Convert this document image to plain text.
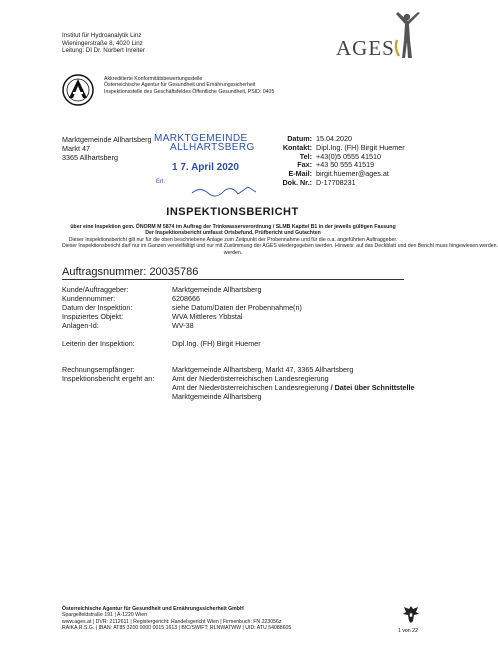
Institut für Hydroanalytik Linz
Wieningerstraße 8, 4020 Linz
Leitung: DI Dr. Norbert Inreiter	AGES
Akkreditierte Konformitätsbewertungsstelle
Österreichische Agentur für Gesundheit und Ernährungssicherheit
Inspektionsstelle des Geschäftsfeldes Öffentliche Gesundheit, PSID: 0405
Marktgemeinde Allhartsberg
Markt 47
3365 Allhartsberg
MARKTGEMEINDE
ALLHARTSBERG
1 7. April 2020
Erl.
Datum: 15.04.2020
Kontakt: Dipl.Ing. (FH) Birgit Huemer
Tel: +43(0)5 0555 41510
Fax: +43 50 555 41519
E-Mail: birgit.huemer@ages.at
Dok. Nr.: D-17708231
INSPEKTIONSBERICHT
über eine Inspektion gem. ÖNORM M 5874 im Auftrag der Trinkwasserverordnung / SLMB Kapitel B1 in der jeweils gültigen Fassung
Der Inspektionsbericht umfasst Ortsbefund, Prüfbericht und Gutachten
Dieser Inspektionsbericht gilt nur für die oben beschriebene Anlage zum Zeitpunkt der Probennahme und für die o.a. angeführten Auftraggeber.
Dieser Inspektionsbericht darf nur im Ganzen vervielfältigt und nur mit Zustimmung der AGES wiedergegeben werden. Hinweis: auf das Deckblatt und den Bericht muss hingewiesen werden.
werden.
Auftragsnummer: 20035786
Kunde/Auftraggeber:	Marktgemeinde Allhartsberg
Kundennummer:	6208666
Datum der Inspektion:	siehe Datum/Daten der Probennahme(n)
Inspiziertes Objekt:	WVA Mittleres Ybbstal
Anlagen-Id:	WV-38
Leiterin der Inspektion:	Dipl.Ing. (FH) Birgit Huemer
Rechnungsempfänger:	Marktgemeinde Allhartsberg, Markt 47, 3365 Allhartsberg
Inspektionsbericht ergeht an:	Amt der Niederösterreichischen Landesregierung
Amt der Niederösterreichischen Landesregierung / Datei über Schnittstelle
Marktgemeinde Allhartsberg
Österreichische Agentur für Gesundheit und Ernährungssicherheit GmbH
Spargelfeldstraße 191 | A-1220 Wien
www.ages.at | DVR: 2112611 | Registergericht: Handelsgericht Wien | Firmenbuch: FN 223056z
RAIKA R.S.G. | IBAN: AT85 3200 0000 0015 1613 | BIC/SWIFT: RLNWATWW | UID: ATU 54088605	1 von 22
